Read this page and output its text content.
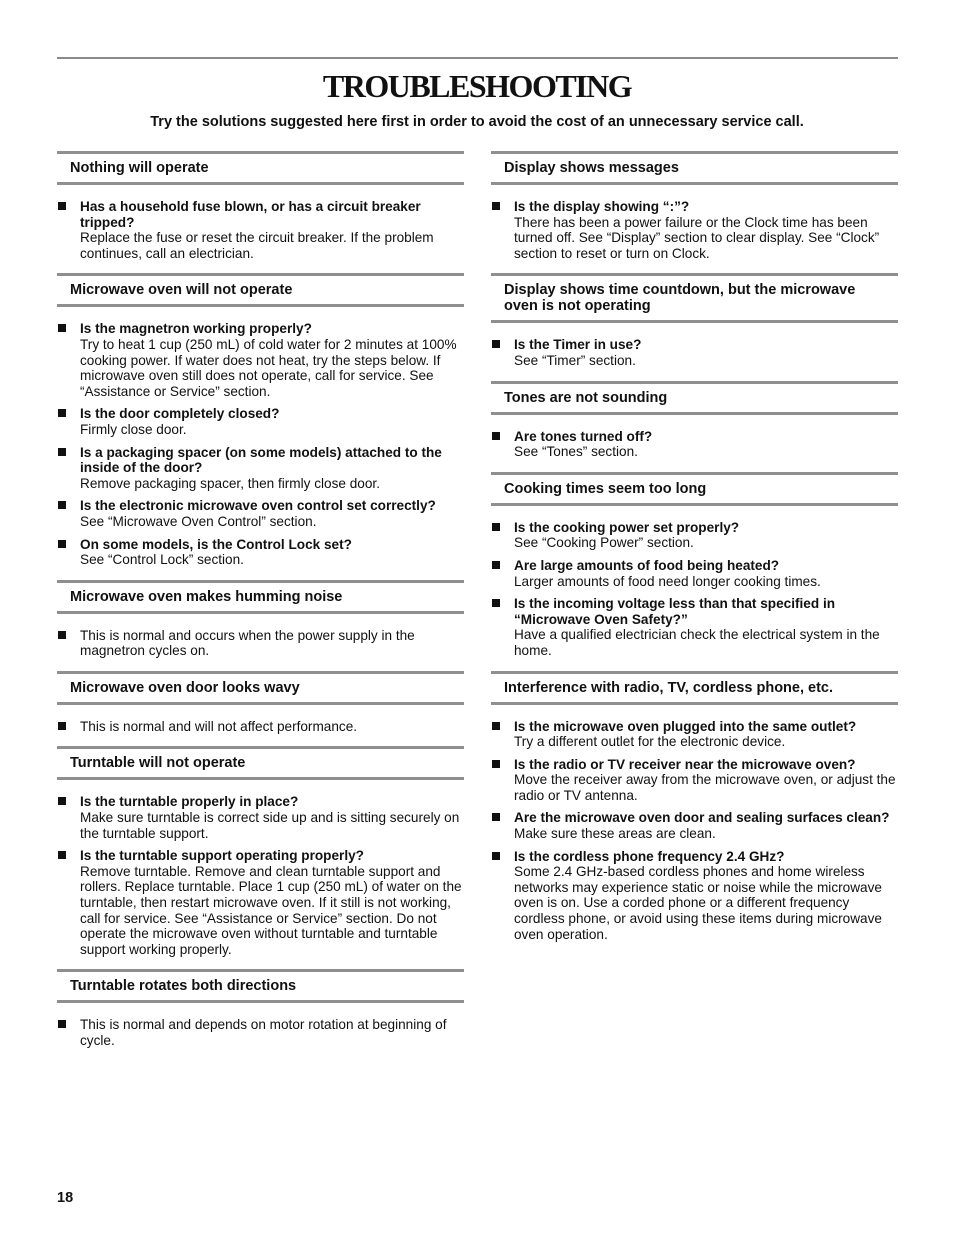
TROUBLESHOOTING

Try the solutions suggested here first in order to avoid the cost of an unnecessary service call.

Nothing will operate
Has a household fuse blown, or has a circuit breaker tripped?
Replace the fuse or reset the circuit breaker. If the problem continues, call an electrician.
Microwave oven will not operate
Is the magnetron working properly?
Try to heat 1 cup (250 mL) of cold water for 2 minutes at 100% cooking power. If water does not heat, try the steps below. If microwave oven still does not operate, call for service. See “Assistance or Service” section.
Is the door completely closed?
Firmly close door.
Is a packaging spacer (on some models) attached to the inside of the door?
Remove packaging spacer, then firmly close door.
Is the electronic microwave oven control set correctly?
See “Microwave Oven Control” section.
On some models, is the Control Lock set?
See “Control Lock” section.
Microwave oven makes humming noise
This is normal and occurs when the power supply in the magnetron cycles on.
Microwave oven door looks wavy
This is normal and will not affect performance.
Turntable will not operate
Is the turntable properly in place?
Make sure turntable is correct side up and is sitting securely on the turntable support.
Is the turntable support operating properly?
Remove turntable. Remove and clean turntable support and rollers. Replace turntable. Place 1 cup (250 mL) of water on the turntable, then restart microwave oven. If it still is not working, call for service. See “Assistance or Service” section. Do not operate the microwave oven without turntable and turntable support working properly.
Turntable rotates both directions
This is normal and depends on motor rotation at beginning of cycle.
Display shows messages
Is the display showing “:”?
There has been a power failure or the Clock time has been turned off. See “Display” section to clear display. See “Clock” section to reset or turn on Clock.
Display shows time countdown, but the microwave oven is not operating
Is the Timer in use?
See “Timer” section.
Tones are not sounding
Are tones turned off?
See “Tones” section.
Cooking times seem too long
Is the cooking power set properly?
See “Cooking Power” section.
Are large amounts of food being heated?
Larger amounts of food need longer cooking times.
Is the incoming voltage less than that specified in “Microwave Oven Safety?”
Have a qualified electrician check the electrical system in the home.
Interference with radio, TV, cordless phone, etc.
Is the microwave oven plugged into the same outlet?
Try a different outlet for the electronic device.
Is the radio or TV receiver near the microwave oven?
Move the receiver away from the microwave oven, or adjust the radio or TV antenna.
Are the microwave oven door and sealing surfaces clean?
Make sure these areas are clean.
Is the cordless phone frequency 2.4 GHz?
Some 2.4 GHz-based cordless phones and home wireless networks may experience static or noise while the microwave oven is on. Use a corded phone or a different frequency cordless phone, or avoid using these items during microwave oven operation.
18
